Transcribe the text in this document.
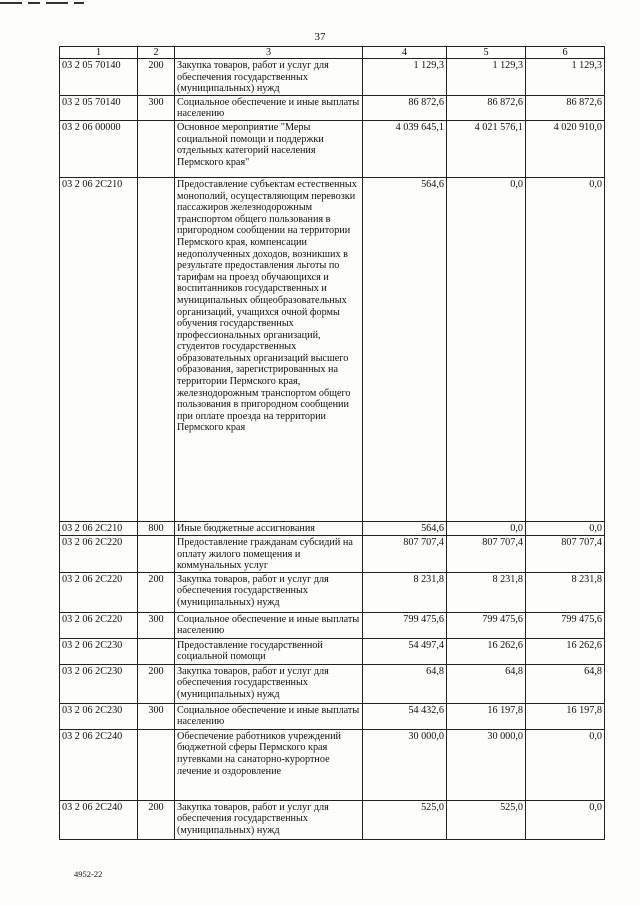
37
1	2	3	4	5	6
03 2 05 70140	200	Закупка товаров, работ и услуг для обеспечения государственных (муниципальных) нужд	1 129,3	1 129,3	1 129,3
03 2 05 70140	300	Социальное обеспечение и иные выплаты населению	86 872,6	86 872,6	86 872,6
03 2 06 00000		Основное мероприятие "Меры социальной помощи и поддержки отдельных категорий населения Пермского края"	4 039 645,1	4 021 576,1	4 020 910,0
03 2 06 2С210		Предоставление субъектам естественных монополий, осуществляющим перевозки пассажиров железнодорожным транспортом общего пользования в пригородном сообщении на территории Пермского края, компенсации недополученных доходов, возникших в результате предоставления льготы по тарифам на проезд обучающихся и воспитанников государственных и муниципальных общеобразовательных организаций, учащихся очной формы обучения государственных профессиональных организаций, студентов государственных образовательных организаций высшего образования, зарегистрированных на территории Пермского края, железнодорожным транспортом общего пользования в пригородном сообщении при оплате проезда на территории Пермского края	564,6	0,0	0,0
03 2 06 2С210	800	Иные бюджетные ассигнования	564,6	0,0	0,0
03 2 06 2С220		Предоставление гражданам субсидий на оплату жилого помещения и коммунальных услуг	807 707,4	807 707,4	807 707,4
03 2 06 2С220	200	Закупка товаров, работ и услуг для обеспечения государственных (муниципальных) нужд	8 231,8	8 231,8	8 231,8
03 2 06 2С220	300	Социальное обеспечение и иные выплаты населению	799 475,6	799 475,6	799 475,6
03 2 06 2С230		Предоставление государственной социальной помощи	54 497,4	16 262,6	16 262,6
03 2 06 2С230	200	Закупка товаров, работ и услуг для обеспечения государственных (муниципальных) нужд	64,8	64,8	64,8
03 2 06 2С230	300	Социальное обеспечение и иные выплаты населению	54 432,6	16 197,8	16 197,8
03 2 06 2С240		Обеспечение работников учреждений бюджетной сферы Пермского края путевками на санаторно-курортное лечение и оздоровление	30 000,0	30 000,0	0,0
03 2 06 2С240	200	Закупка товаров, работ и услуг для обеспечения государственных (муниципальных) нужд	525,0	525,0	0,0
4952-22
